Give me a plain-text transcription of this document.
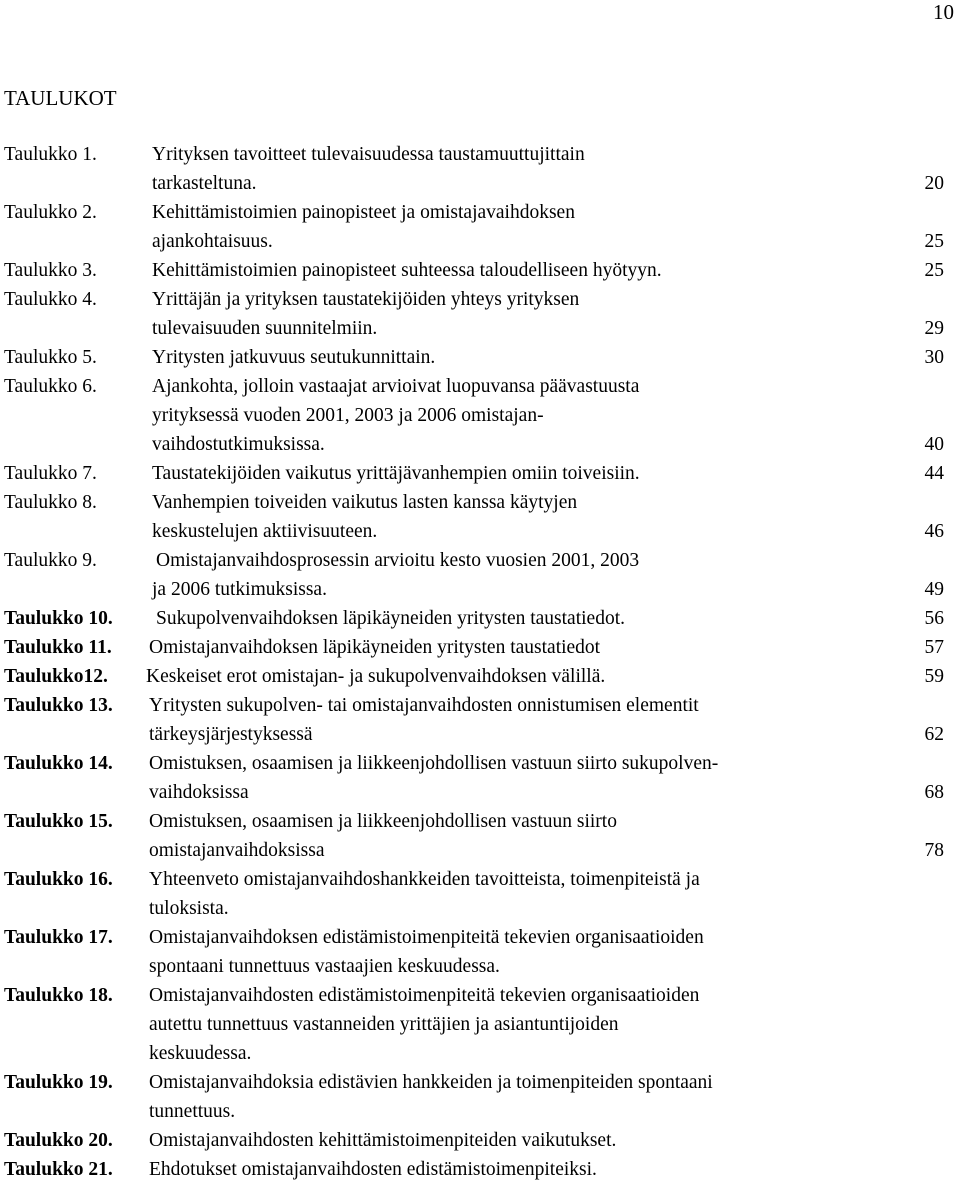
10
TAULUKOT
Taulukko 1.	Yrityksen tavoitteet tulevaisuudessa taustamuuttujittain
tarkasteltuna.	20
Taulukko 2.	Kehittämistoimien painopisteet ja omistajavaihdoksen
ajankohtaisuus.	25
Taulukko 3.	Kehittämistoimien painopisteet suhteessa taloudelliseen hyötyyn.	25
Taulukko 4.	Yrittäjän ja yrityksen taustatekijöiden yhteys yrityksen
tulevaisuuden suunnitelmiin.	29
Taulukko 5.	Yritysten jatkuvuus seutukunnittain.	30
Taulukko 6.	Ajankohta, jolloin vastaajat arvioivat luopuvansa päävastuusta
yrityksessä vuoden 2001, 2003 ja 2006 omistajan-
vaihdostutkimuksissa.	40
Taulukko 7.	Taustatekijöiden vaikutus yrittäjävanhempien omiin toiveisiin.	44
Taulukko 8.	Vanhempien toiveiden vaikutus lasten kanssa käytyjen
keskustelujen aktiivisuuteen.	46
Taulukko 9.	Omistajanvaihdosprosessin arvioitu kesto vuosien 2001, 2003
ja 2006 tutkimuksissa.	49
Taulukko 10. Sukupolvenvaihdoksen läpikäyneiden yritysten taustatiedot.	56
Taulukko 11. Omistajanvaihdoksen läpikäyneiden yritysten taustatiedot	57
Taulukko12. Keskeiset erot omistajan- ja sukupolvenvaihdoksen välillä.	59
Taulukko 13. Yritysten sukupolven- tai omistajanvaihdosten onnistumisen elementit
tärkeysjärjestyksessä	62
Taulukko 14. Omistuksen, osaamisen ja liikkeenjohdollisen vastuun siirto sukupolven-
vaihdoksissa	68
Taulukko 15. Omistuksen, osaamisen ja liikkeenjohdollisen vastuun siirto
omistajanvaihdoksissa	78
Taulukko 16. Yhteenveto omistajanvaihdoshankkeiden tavoitteista, toimenpiteistä ja
tuloksista.
Taulukko 17. Omistajanvaihdoksen edistämistoimenpiteitä tekevien organisaatioiden
spontaani tunnettuus vastaajien keskuudessa.
Taulukko 18. Omistajanvaihdosten edistämistoimenpiteitä tekevien organisaatioiden
autettu tunnettuus vastanneiden yrittäjien ja asiantuntijoiden
keskuudessa.
Taulukko 19. Omistajanvaihdoksia edistävien hankkeiden ja toimenpiteiden spontaani
tunnettuus.
Taulukko 20. Omistajanvaihdosten kehittämistoimenpiteiden vaikutukset.
Taulukko 21. Ehdotukset omistajanvaihdosten edistämistoimenpiteiksi.
